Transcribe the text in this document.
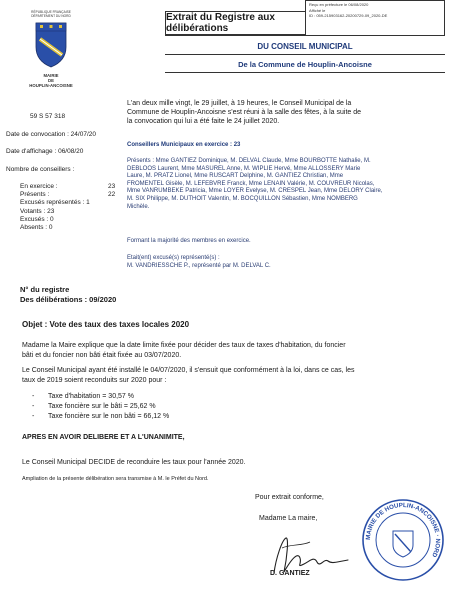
RÉPUBLIQUE FRANÇAISE
DÉPARTEMENT DU NORD
MAIRIE
DE
HOUPLIN-ANCOISNE
Extrait du Registre aux délibérations
Reçu en préfecture le 06/08/2020
Affiché le
ID : 059-215903162-20200729-09_2020-DE
DU CONSEIL MUNICIPAL
De la Commune de Houplin-Ancoisne
59 S 57 318
Date de convocation : 24/07/20
Date d'affichage : 06/08/20
Nombre de conseillers :
En exercice :	23
Présents :	22
Excusés représentés : 1
Votants : 23
Excusés : 0
Absents : 0
N° du registre
Des délibérations : 09/2020
L'an deux mille vingt, le 29 juillet, à 19 heures, le Conseil Municipal de la
Commune de Houplin-Ancoisne s'est réuni à la salle des fêtes, à la suite de
la convocation qui lui a été faite le 24 juillet 2020.
Conseillers Municipaux en exercice : 23
Présents : Mme GANTIEZ Dominique, M. DELVAL Claude, Mme BOURBOTTE Nathalie, M.
DEBLOOS Laurent, Mme MASUREL Anne, M. WIPLIE Hervé, Mme ALLOSSERY Marie
Laure, M. PRATZ Lionel, Mme RUSCART Delphine, M. GANTIEZ Christian, Mme
FROMENTEL Gisèle, M. LEFEBVRE Franck, Mme LENAIN Valérie, M. COUVREUR Nicolas,
Mme VANRUMBEKE Patricia, Mme LOYER Evelyse, M. CRESPEL Jean, Mme DELORY Claire,
M. SIX Philippe, M. DUTHOIT Valentin, M. BOCQUILLON Sébastien, Mme NOMBERG
Michèle.
Formant la majorité des membres en exercice.
Etait(ent) excusé(s) représenté(s) :
M. VANDRIESSCHE P., représenté par M. DELVAL C.
Objet : Vote des taux des taxes locales 2020
Madame la Maire explique que la date limite fixée pour décider des taux de taxes d'habitation, du foncier
bâti et du foncier non bâti était fixée au 03/07/2020.
Le Conseil Municipal ayant été installé le 04/07/2020, il s'ensuit que conformément à la loi, dans ce cas, les
taux de 2019 soient reconduits sur 2020 pour :
- Taxe d'habitation = 30,57 %
- Taxe foncière sur le bâti = 25,62 %
- Taxe foncière sur le non bâti = 66,12 %
APRES EN AVOIR DELIBERE ET A L'UNANIMITE,
Le Conseil Municipal DECIDE de reconduire les taux pour l'année 2020.
Ampliation de la présente délibération sera transmise à M. le Préfet du Nord.
Pour extrait conforme,
Madame La maire,
D. GANTIEZ
MAIRIE DE HOUPLIN-ANCOISNE · NORD
